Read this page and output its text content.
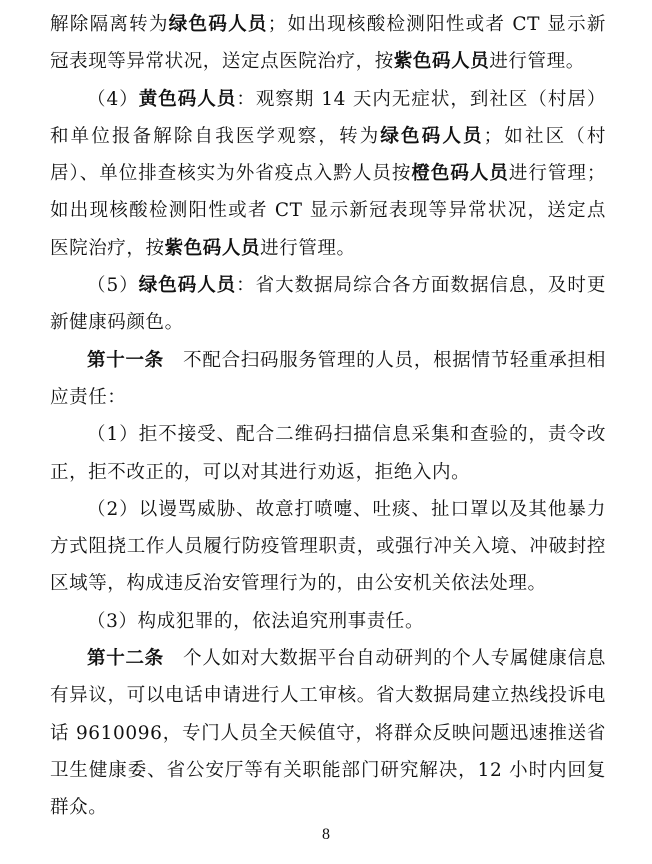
解除隔离转为绿色码人员；如出现核酸检测阳性或者 CT 显示新冠表现等异常状况，送定点医院治疗，按紫色码人员进行管理。

（4）黄色码人员：观察期 14 天内无症状，到社区（村居）和单位报备解除自我医学观察，转为绿色码人员；如社区（村居）、单位排查核实为外省疫点入黔人员按橙色码人员进行管理；如出现核酸检测阳性或者 CT 显示新冠表现等异常状况，送定点医院治疗，按紫色码人员进行管理。

（5）绿色码人员：省大数据局综合各方面数据信息，及时更新健康码颜色。

第十一条　不配合扫码服务管理的人员，根据情节轻重承担相应责任：

（1）拒不接受、配合二维码扫描信息采集和查验的，责令改正，拒不改正的，可以对其进行劝返，拒绝入内。

（2）以谩骂威胁、故意打喷嚏、吐痰、扯口罩以及其他暴力方式阻挠工作人员履行防疫管理职责，或强行冲关入境、冲破封控区域等，构成违反治安管理行为的，由公安机关依法处理。

（3）构成犯罪的，依法追究刑事责任。

第十二条　个人如对大数据平台自动研判的个人专属健康信息有异议，可以电话申请进行人工审核。省大数据局建立热线投诉电话 9610096，专门人员全天候值守，将群众反映问题迅速推送省卫生健康委、省公安厅等有关职能部门研究解决，12 小时内回复群众。

8
